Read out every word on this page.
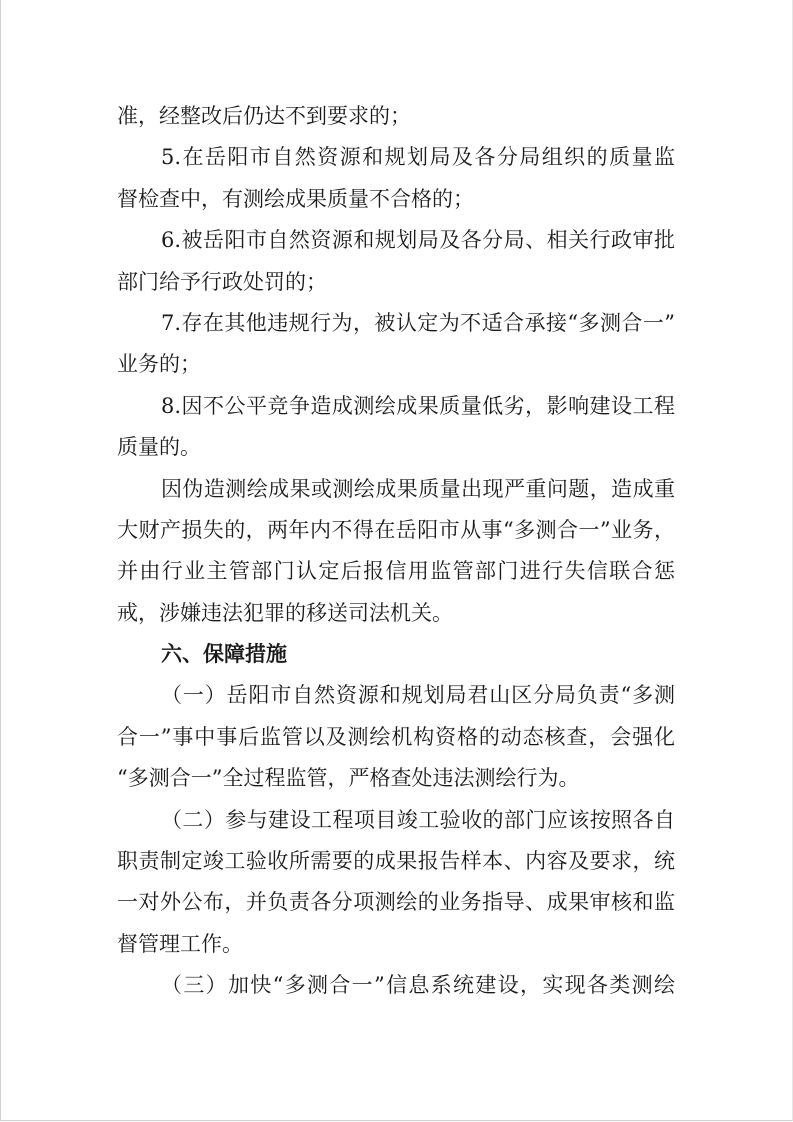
准，经整改后仍达不到要求的；
5.在岳阳市自然资源和规划局及各分局组织的质量监
督检查中，有测绘成果质量不合格的；
6.被岳阳市自然资源和规划局及各分局、相关行政审批
部门给予行政处罚的；
7.存在其他违规行为，被认定为不适合承接“多测合一”
业务的；
8.因不公平竞争造成测绘成果质量低劣，影响建设工程
质量的。
因伪造测绘成果或测绘成果质量出现严重问题，造成重
大财产损失的，两年内不得在岳阳市从事“多测合一”业务，
并由行业主管部门认定后报信用监管部门进行失信联合惩
戒，涉嫌违法犯罪的移送司法机关。
六、保障措施
（一）岳阳市自然资源和规划局君山区分局负责“多测
合一”事中事后监管以及测绘机构资格的动态核查，会强化
“多测合一”全过程监管，严格查处违法测绘行为。
（二）参与建设工程项目竣工验收的部门应该按照各自
职责制定竣工验收所需要的成果报告样本、内容及要求，统
一对外公布，并负责各分项测绘的业务指导、成果审核和监
督管理工作。
（三）加快“多测合一”信息系统建设，实现各类测绘
